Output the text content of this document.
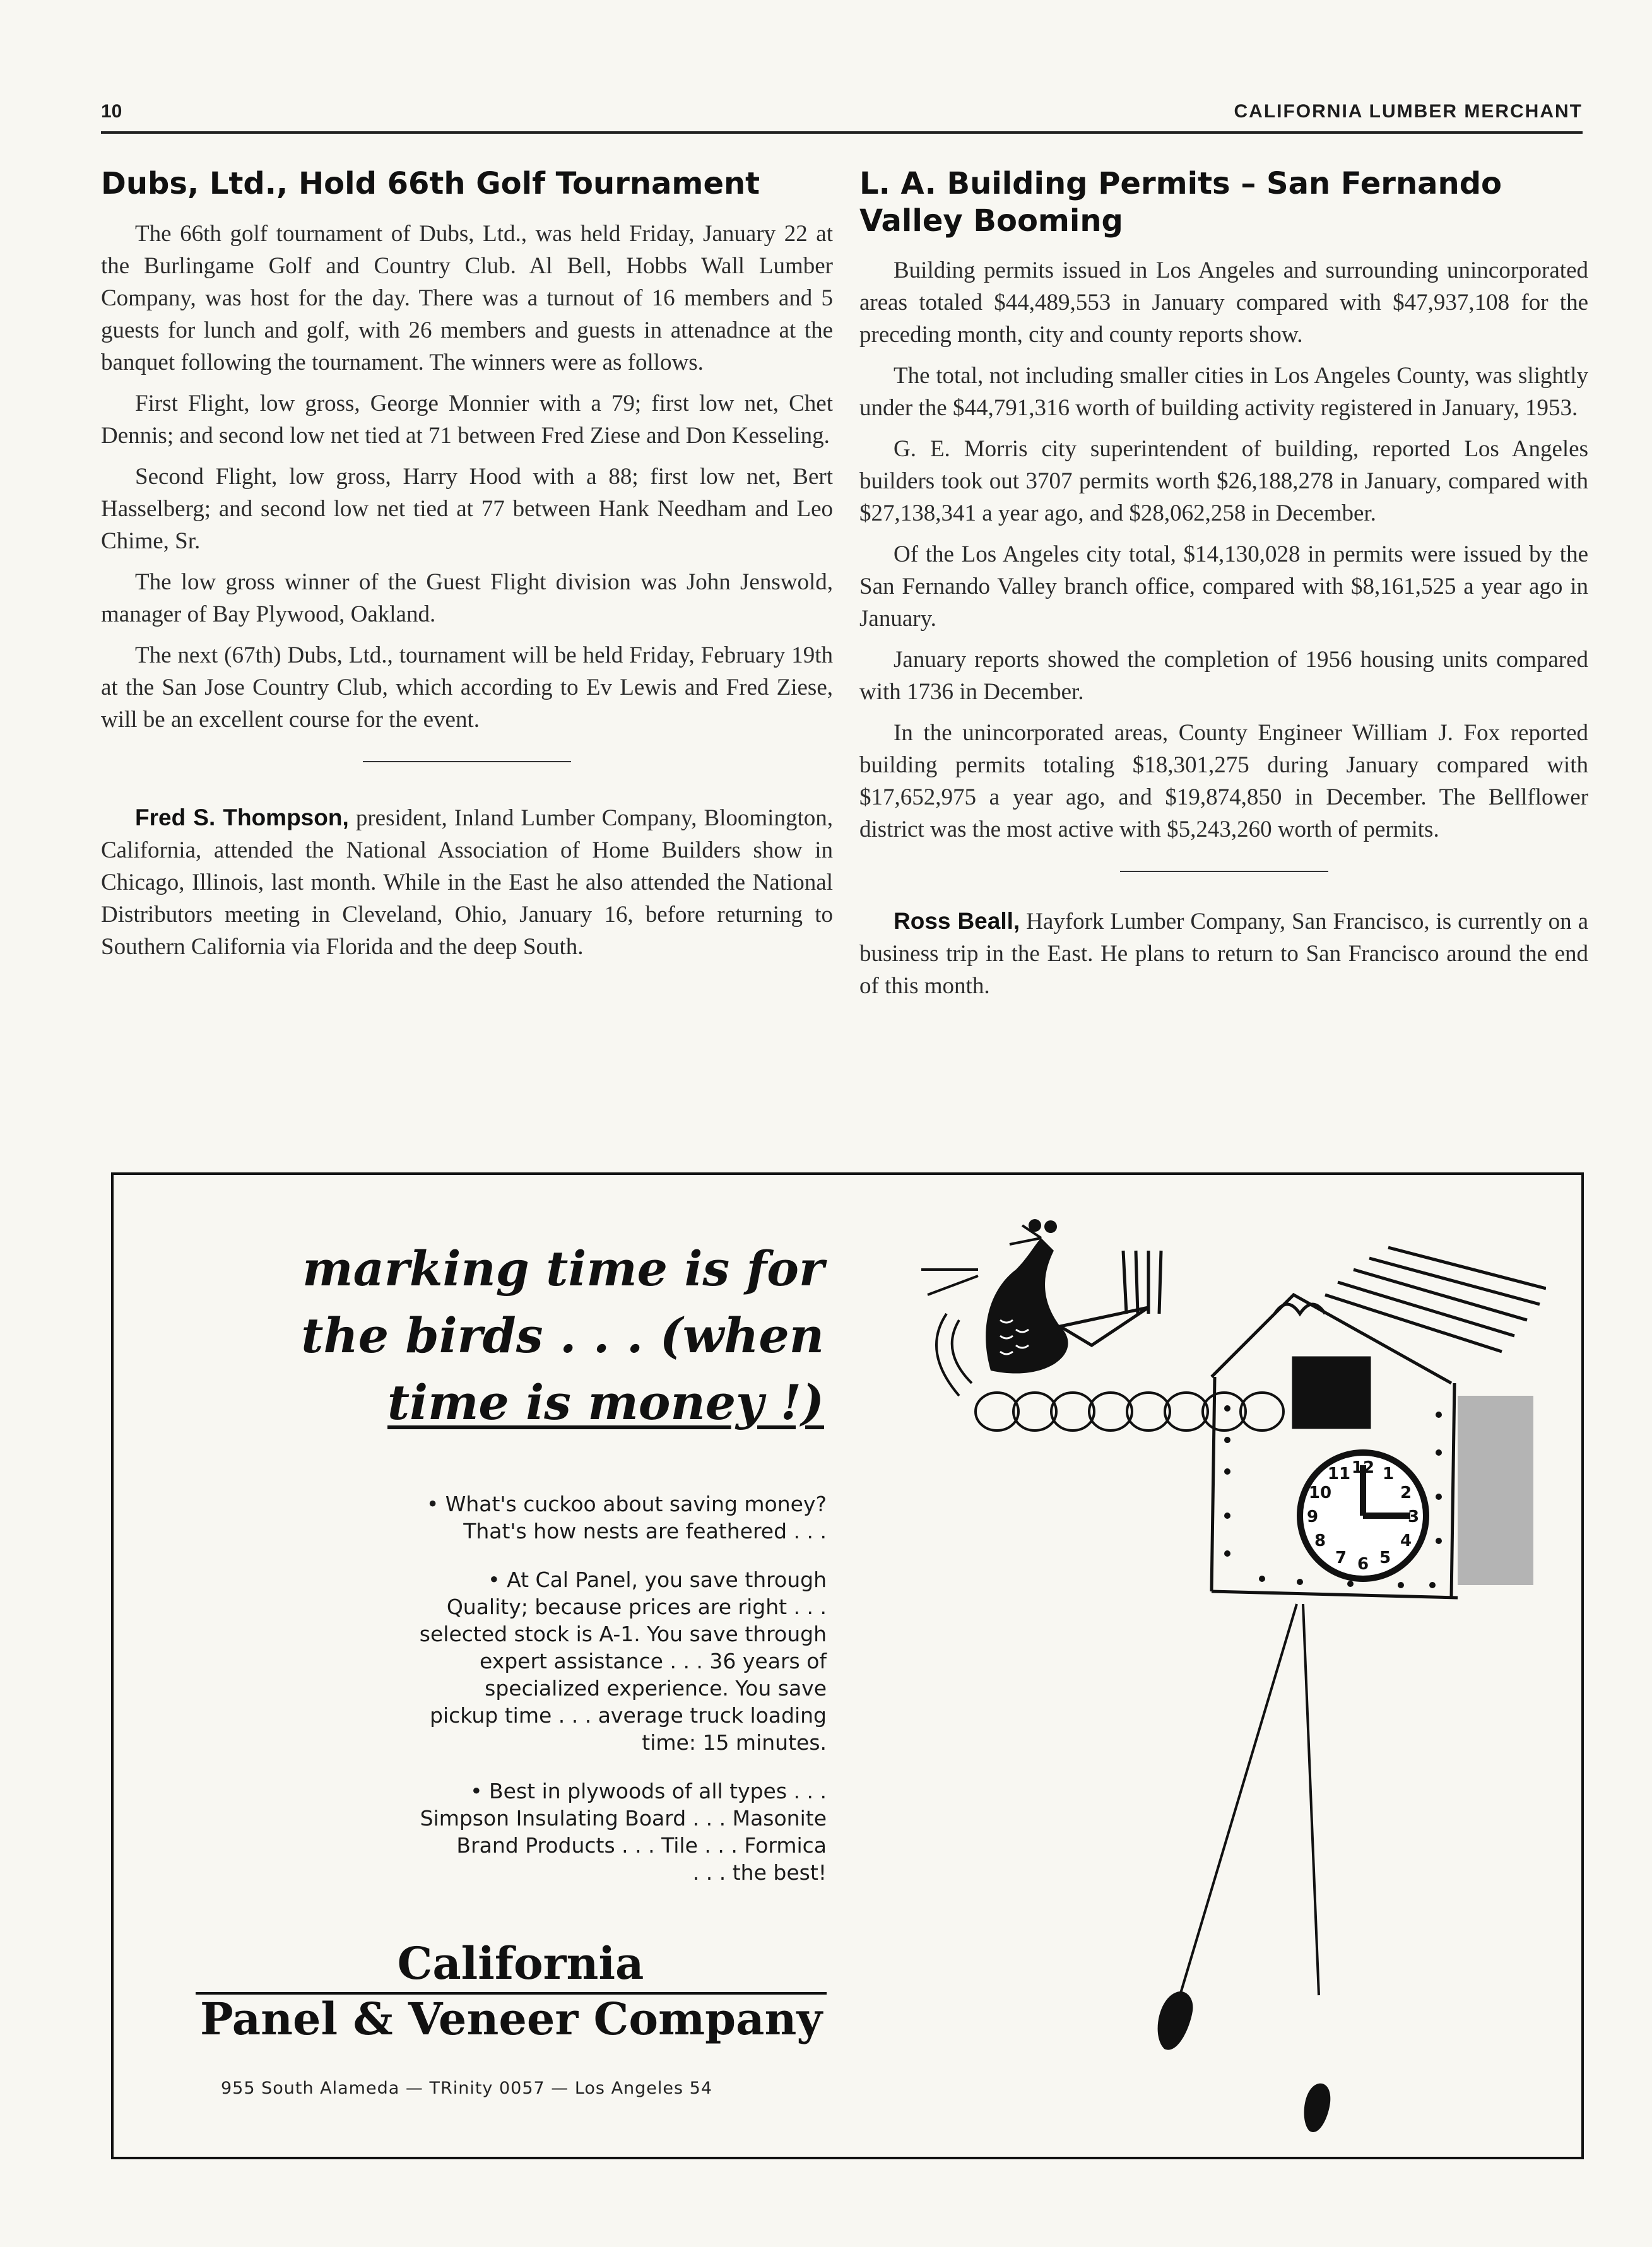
10	CALIFORNIA LUMBER MERCHANT
Dubs, Ltd., Hold 66th Golf Tournament

The 66th golf tournament of Dubs, Ltd., was held Friday, January 22 at the Burlingame Golf and Country Club. Al Bell, Hobbs Wall Lumber Company, was host for the day. There was a turnout of 16 members and 5 guests for lunch and golf, with 26 members and guests in attenadnce at the banquet following the tournament. The winners were as follows.

First Flight, low gross, George Monnier with a 79; first low net, Chet Dennis; and second low net tied at 71 between Fred Ziese and Don Kesseling.

Second Flight, low gross, Harry Hood with a 88; first low net, Bert Hasselberg; and second low net tied at 77 between Hank Needham and Leo Chime, Sr.

The low gross winner of the Guest Flight division was John Jenswold, manager of Bay Plywood, Oakland.

The next (67th) Dubs, Ltd., tournament will be held Friday, February 19th at the San Jose Country Club, which according to Ev Lewis and Fred Ziese, will be an excellent course for the event.

Fred S. Thompson, president, Inland Lumber Company, Bloomington, California, attended the National Association of Home Builders show in Chicago, Illinois, last month. While in the East he also attended the National Distributors meeting in Cleveland, Ohio, January 16, before returning to Southern California via Florida and the deep South.

L. A. Building Permits – San Fernando Valley Booming

Building permits issued in Los Angeles and surrounding unincorporated areas totaled $44,489,553 in January compared with $47,937,108 for the preceding month, city and county reports show.

The total, not including smaller cities in Los Angeles County, was slightly under the $44,791,316 worth of building activity registered in January, 1953.

G. E. Morris city superintendent of building, reported Los Angeles builders took out 3707 permits worth $26,188,278 in January, compared with $27,138,341 a year ago, and $28,062,258 in December.

Of the Los Angeles city total, $14,130,028 in permits were issued by the San Fernando Valley branch office, compared with $8,161,525 a year ago in January.

January reports showed the completion of 1956 housing units compared with 1736 in December.

In the unincorporated areas, County Engineer William J. Fox reported building permits totaling $18,301,275 during January compared with $17,652,975 a year ago, and $19,874,850 in December. The Bellflower district was the most active with $5,243,260 worth of permits.

Ross Beall, Hayfork Lumber Company, San Francisco, is currently on a business trip in the East. He plans to return to San Francisco around the end of this month.

marking time is for
the birds . . . (when
time is money !)

• What's cuckoo about saving money?
That's how nests are feathered . . .

• At Cal Panel, you save through
Quality; because prices are right . . .
selected stock is A-1. You save through
expert assistance . . . 36 years of
specialized experience. You save
pickup time . . . average truck loading
time: 15 minutes.

• Best in plywoods of all types . . .
Simpson Insulating Board . . . Masonite
Brand Products . . . Tile . . . Formica
. . . the best!

California
Panel & Veneer Company
955 South Alameda — TRinity 0057 — Los Angeles 54
12 1
2
3
4
5
6
7
8
9
10
11
